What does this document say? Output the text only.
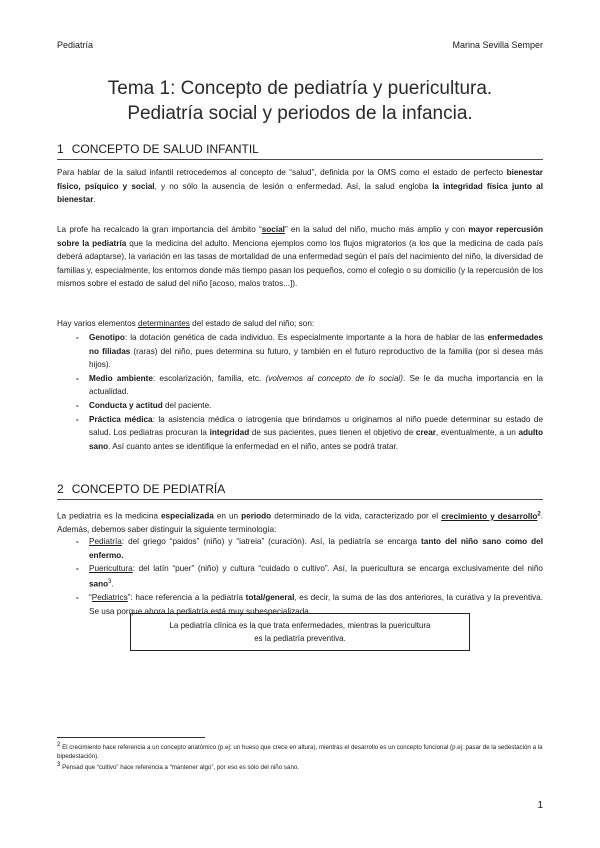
Pediatría	Marina Sevilla Semper
Tema 1: Concepto de pediatría y puericultura.
Pediatría social y periodos de la infancia.
1 CONCEPTO DE SALUD INFANTIL
Para hablar de la salud infantil retrocedemos al concepto de “salud”, definida por la OMS como el estado de perfecto bienestar físico, psíquico y social, y no sólo la ausencia de lesión o enfermedad. Así, la salud engloba la integridad física junto al bienestar.
La profe ha recalcado la gran importancia del ámbito “social” en la salud del niño, mucho más amplio y con mayor repercusión sobre la pediatría que la medicina del adulto. Menciona ejemplos como los flujos migratorios (a los que la medicina de cada país deberá adaptarse), la variación en las tasas de mortalidad de una enfermedad según el país del nacimiento del niño, la diversidad de familias y, especialmente, los entornos donde más tiempo pasan los pequeños, como el colegio o su domicilio (y la repercusión de los mismos sobre el estado de salud del niño [acoso, malos tratos...]).
Hay varios elementos determinantes del estado de salud del niño; son:
-	Genotipo: la dotación genética de cada individuo. Es especialmente importante a la hora de hablar de las enfermedades no filiadas (raras) del niño, pues determina su futuro, y también en el futuro reproductivo de la familia (por si desea más hijos).
-	Medio ambiente: escolarización, familia, etc. (volvemos al concepto de lo social). Se le da mucha importancia en la actualidad.
-	Conducta y actitud del paciente.
-	Práctica médica: la asistencia médica o iatrogenia que brindamos u originamos al niño puede determinar su estado de salud. Los pediatras procuran la integridad de sus pacientes, pues tienen el objetivo de crear, eventualmente, a un adulto sano. Así cuanto antes se identifique la enfermedad en el niño, antes se podrá tratar.
2 CONCEPTO DE PEDIATRÍA
La pediatría es la medicina especializada en un periodo determinado de la vida, caracterizado por el crecimiento y desarrollo$^2$. Además, debemos saber distinguir la siguiente terminología:
-	Pediatría: del griego “paidos” (niño) y “iatreia” (curación). Así, la pediatría se encarga tanto del niño sano como del enfermo.
-	Puericultura: del latín “puer” (niño) y cultura “cuidado o cultivo”. Así, la puericultura se encarga exclusivamente del niño sano$^3$.
-	“Pediatrics”: hace referencia a la pediatría total/general, es decir, la suma de las dos anteriores, la curativa y la preventiva. Se usa porque ahora la pediatría está muy subespecializada.
La pediatría clínica es la que trata enfermedades, mientras la puericultura
es la pediatría preventiva.
$^2$ El crecimiento hace referencia a un concepto anatómico (p.ej: un hueso que crece en altura), mientras el desarrollo es un concepto funcional (p.ej: pasar de la sedestación a la bipedestación).
$^3$ Pensad que “cultivo” hace referencia a “mantener algo”, por eso es sólo del niño sano.
1
